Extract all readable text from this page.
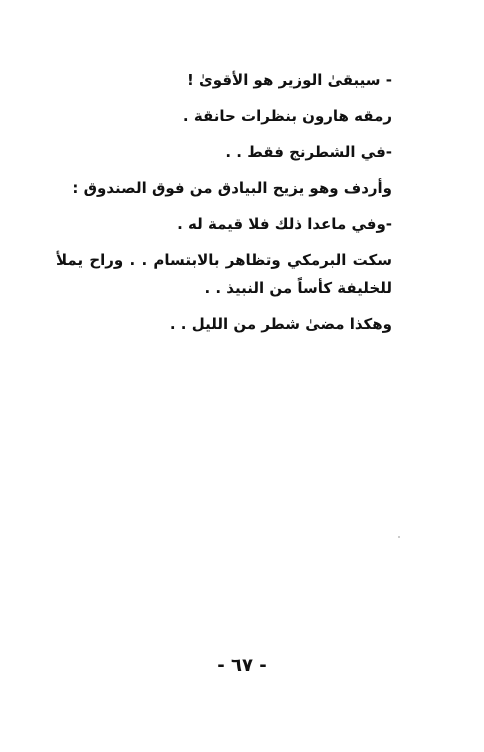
- سيبقىٰ الوزير هو الأقوىٰ !

رمقه هارون بنظرات حانقة .

-في الشطرنج فقط . .

وأردف وهو يزيح البيادق من فوق الصندوق :

-وفي ماعدا ذلك فلا قيمة له .

سكت البرمكي وتظاهر بالابتسام . . وراح يملأ للخليفة كأساً من النبيذ . .

وهكذا مضىٰ شطر من الليل . .

- ٦٧ -
